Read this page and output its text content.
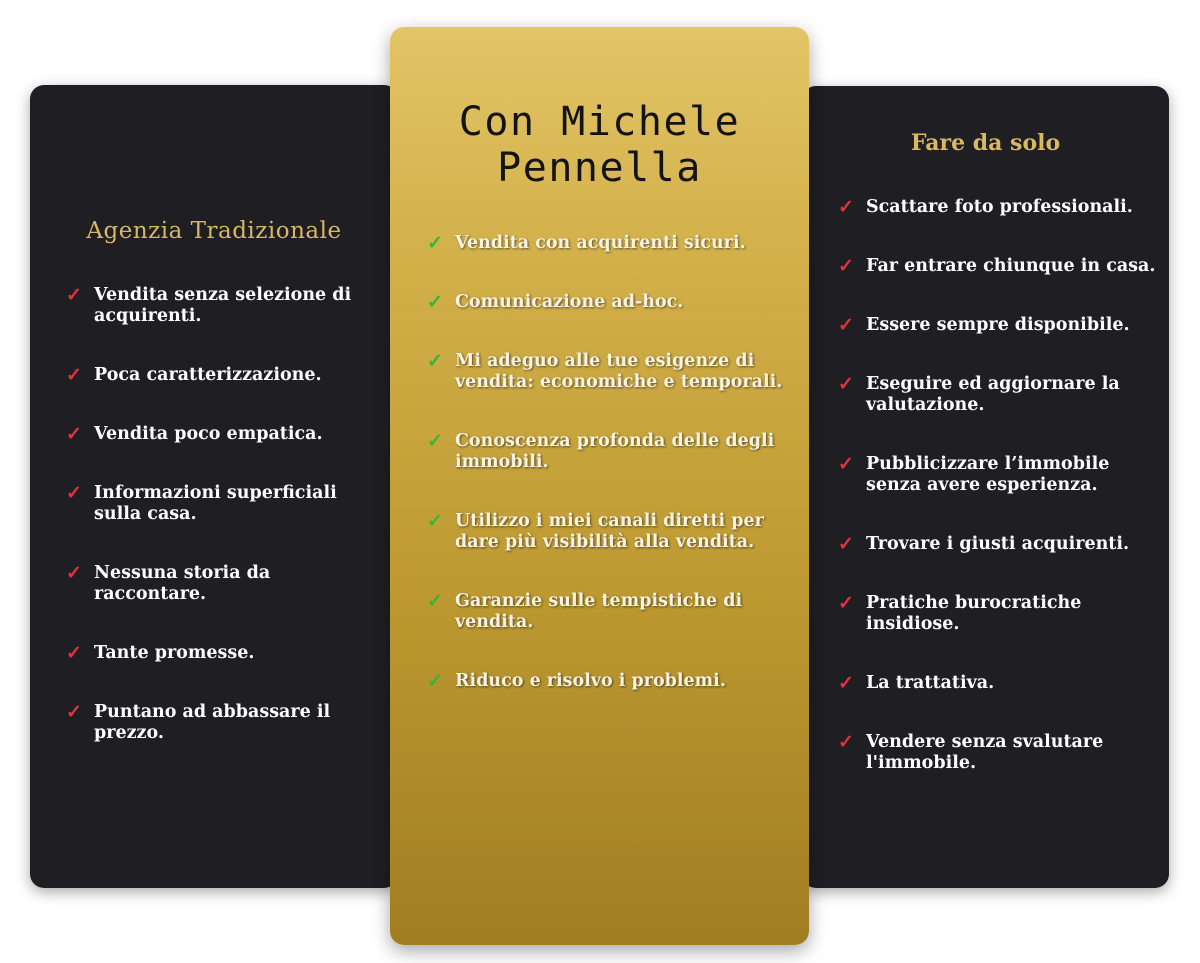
Agenzia Tradizionale
✓ Vendita senza selezione di acquirenti.
✓ Poca caratterizzazione.
✓ Vendita poco empatica.
✓ Informazioni superficiali sulla casa.
✓ Nessuna storia da raccontare.
✓ Tante promesse.
✓ Puntano ad abbassare il prezzo.
Con Michele Pennella
✓ Vendita con acquirenti sicuri.
✓ Comunicazione ad-hoc.
✓ Mi adeguo alle tue esigenze di vendita: economiche e temporali.
✓ Conoscenza profonda delle degli immobili.
✓ Utilizzo i miei canali diretti per dare più visibilità alla vendita.
✓ Garanzie sulle tempistiche di vendita.
✓ Riduco e risolvo i problemi.
Fare da solo
✓ Scattare foto professionali.
✓ Far entrare chiunque in casa.
✓ Essere sempre disponibile.
✓ Eseguire ed aggiornare la valutazione.
✓ Pubblicizzare l’immobile senza avere esperienza.
✓ Trovare i giusti acquirenti.
✓ Pratiche burocratiche insidiose.
✓ La trattativa.
✓ Vendere senza svalutare l'immobile.
